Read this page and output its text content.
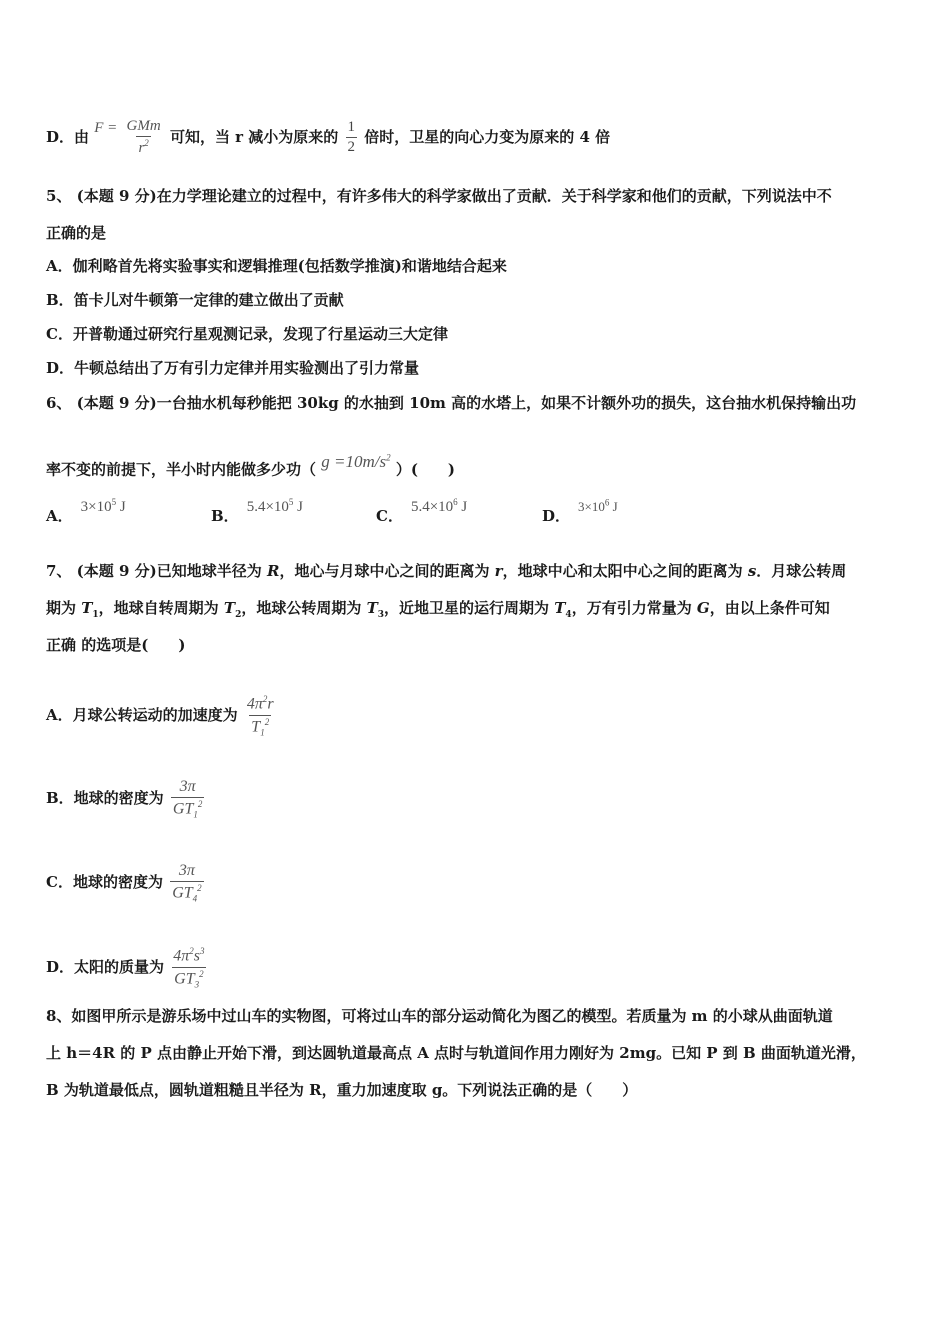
D．由 $F = \frac{\text{GMm}}{r^2}$ 可知，当 r 减小为原来的 $\frac{1}{2}$ 倍时，卫星的向心力变为原来的 4 倍
5、 (本题 9 分)在力学理论建立的过程中，有许多伟大的科学家做出了贡献．关于科学家和他们的贡献，下列说法中不
正确的是
A．伽利略首先将实验事实和逻辑推理(包括数学推演)和谐地结合起来
B．笛卡儿对牛顿第一定律的建立做出了贡献
C．开普勒通过研究行星观测记录，发现了行星运动三大定律
D．牛顿总结出了万有引力定律并用实验测出了引力常量
6、 (本题 9 分)一台抽水机每秒能把 30kg 的水抽到 10m 高的水塔上，如果不计额外功的损失，这台抽水机保持输出功
率不变的前提下，半小时内能做多少功（ $g =10m/s^2$ ）(　　)
A． $3\times 10^5$ J	B． $5.4\times 10^5$ J	C． $5.4\times 10^6$ J	D．$3\times 10^6$ J
7、 (本题 9 分)已知地球半径为 R，地心与月球中心之间的距离为 r，地球中心和太阳中心之间的距离为 s．月球公转周
期为 $T_1$，地球自转周期为 $T_2$，地球公转周期为 $T_3$，近地卫星的运行周期为 $T_4$，万有引力常量为 G，由以上条件可知
正确 的选项是(　　)
A．月球公转运动的加速度为 $\frac{4\pi^2r}{T_1^2}$
B．地球的密度为 $\frac{3\pi}{GT_1^2}$
C．地球的密度为 $\frac{3\pi}{GT_4^2}$
D．太阳的质量为 $\frac{4\pi^2s^3}{GT_3^2}$
8、如图甲所示是游乐场中过山车的实物图，可将过山车的部分运动简化为图乙的模型。若质量为 m 的小球从曲面轨道
上 h＝4R 的 P 点由静止开始下滑，到达圆轨道最高点 A 点时与轨道间作用力刚好为 2mg。已知 P 到 B 曲面轨道光滑，
B 为轨道最低点，圆轨道粗糙且半径为 R，重力加速度取 g。下列说法正确的是（　　）
